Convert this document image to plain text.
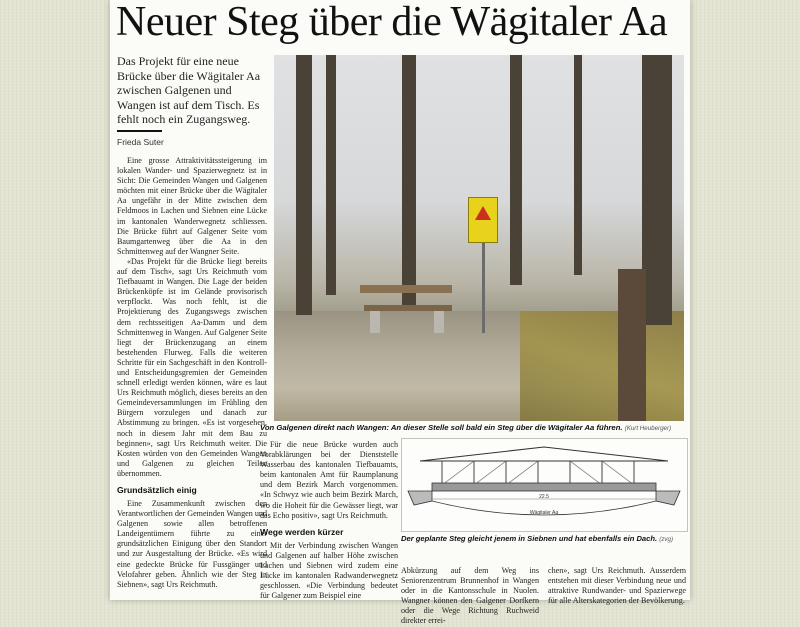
Neuer Steg über die Wägitaler Aa
Das Projekt für eine neue Brücke über die Wägitaler Aa zwischen Galgenen und Wangen ist auf dem Tisch. Es fehlt noch ein Zugangsweg.
Frieda Suter

Eine grosse Attraktivitätssteigerung im lokalen Wander- und Spazierwegnetz ist in Sicht: Die Gemeinden Wangen und Galgenen möchten mit einer Brücke über die Wägitaler Aa ungefähr in der Mitte zwischen dem Feldmoos in Lachen und Siebnen eine Lücke im kantonalen Wanderwegnetz schliessen. Die Brücke führt auf Galgener Seite vom Baumgartenweg über die Aa in den Schmittenweg auf der Wangner Seite.

«Das Projekt für die Brücke liegt bereits auf dem Tisch», sagt Urs Reichmuth vom Tiefbauamt in Wangen. Die Lage der beiden Brückenköpfe ist im Gelände provisorisch verpflockt. Was noch fehlt, ist die Projektierung des Zugangswegs zwischen dem rechtsseitigen Aa-Damm und dem Schmittenweg in Wangen. Auf Galgener Seite liegt der Brückenzugang an einem bestehenden Flurweg. Falls die weiteren Schritte für ein Sachgeschäft in den Kontroll- und Entscheidungsgremien der Gemeinden schnell erledigt werden können, wäre es laut Urs Reichmuth möglich, dieses bereits an den Gemeindeversammlungen im Frühling den Bürgern vorzulegen und danach zur Abstimmung zu bringen. «Es ist vorgesehen, noch in diesem Jahr mit dem Bau zu beginnen», sagt Urs Reichmuth weiter. Die Kosten würden von den Gemeinden Wangen und Galgenen zu gleichen Teilen übernommen.

Grundsätzlich einig

Eine Zusammenkunft zwischen den Verantwortlichen der Gemeinden Wangen und Galgenen sowie allen betroffenen Landeigentümern führte zu einer grundsätzlichen Einigung über den Standort und zur Ausgestaltung der Brücke. «Es wird eine gedeckte Brücke für Fussgänger und Velofahrer geben. Ähnlich wie der Steg in Siebnen», sagt Urs Reichmuth.

Von Galgenen direkt nach Wangen: An dieser Stelle soll bald ein Steg über die Wägitaler Aa führen. (Kurt Heuberger)

Für die neue Brücke wurden auch Vorabklärungen bei der Dienststelle Wasserbau des kantonalen Tiefbauamts, beim kantonalen Amt für Raumplanung und dem Bezirk March vorgenommen. «In Schwyz wie auch beim Bezirk March, wo die Hoheit für die Gewässer liegt, war das Echo positiv», sagt Urs Reichmuth.

Wege werden kürzer

Mit der Verbindung zwischen Wangen und Galgenen auf halber Höhe zwischen Lachen und Siebnen wird zudem eine Lücke im kantonalen Radwanderwegnetz geschlossen. «Die Verbindung bedeutet für Galgener zum Beispiel eine

22.5
Wägitaler Aa
Der geplante Steg gleicht jenem in Siebnen und hat ebenfalls ein Dach. (zvg)

Abkürzung auf dem Weg ins Seniorenzentrum Brunnenhof in Wangen oder in die Kantonsschule in Nuolen. Wangner können den Galgener Dorfkern oder die Wege Richtung Ruchweid direkter errei-

chen», sagt Urs Reichmuth. Ausserdem entstehen mit dieser Verbindung neue und attraktive Rundwander- und Spazierwege für alle Alterskategorien der Bevölkerung.
